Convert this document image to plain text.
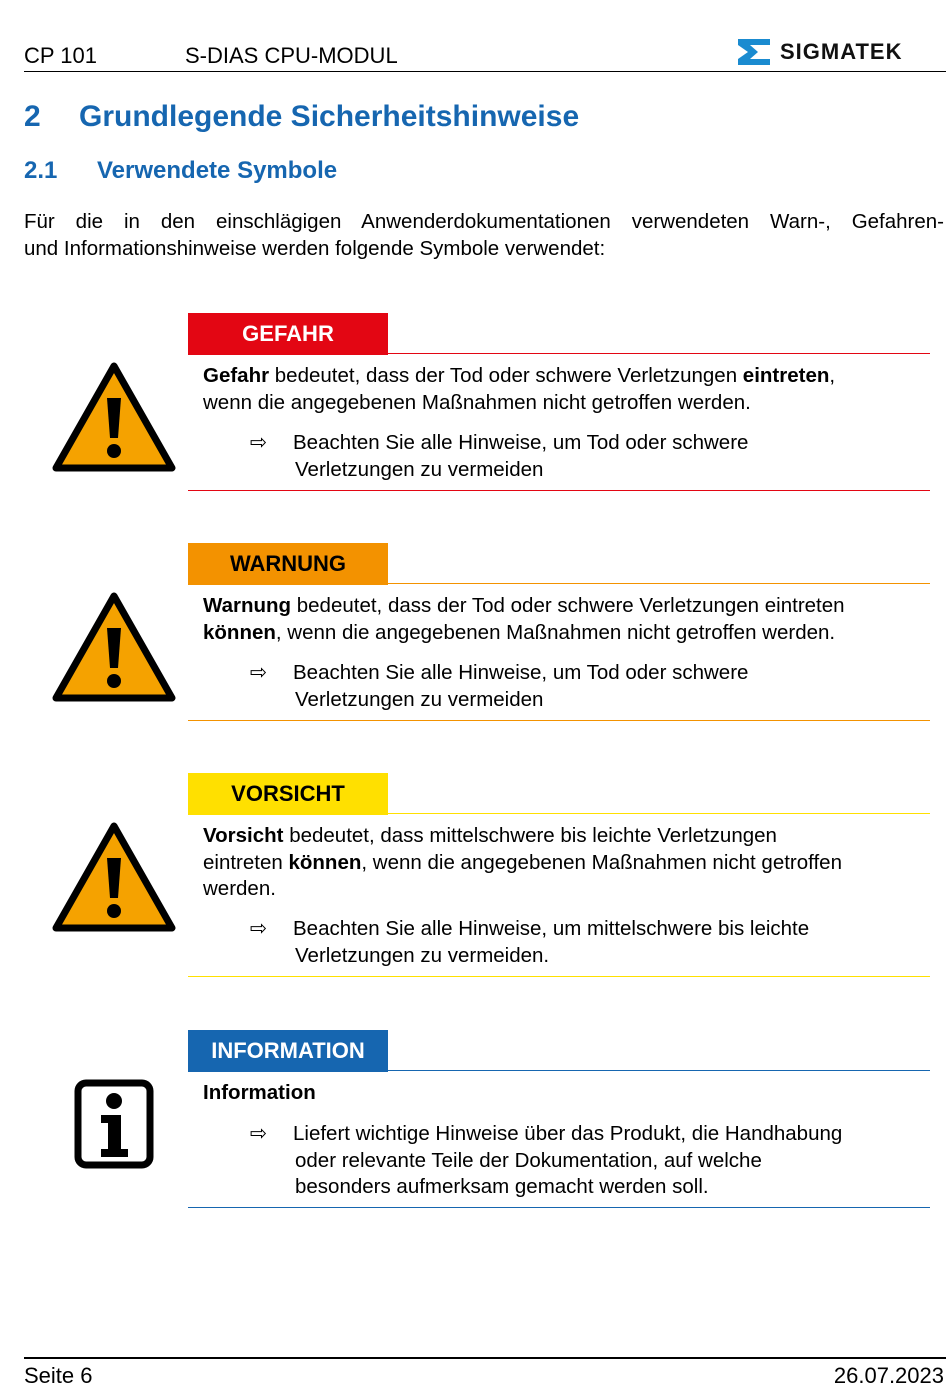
CP 101	S-DIAS CPU-MODUL	SIGMATEK
2 Grundlegende Sicherheitshinweise
2.1 Verwendete Symbole
Für die in den einschlägigen Anwenderdokumentationen verwendeten Warn-, Gefahren-
und Informationshinweise werden folgende Symbole verwendet:
GEFAHR
Gefahr bedeutet, dass der Tod oder schwere Verletzungen eintreten,
wenn die angegebenen Maßnahmen nicht getroffen werden.
⇨ Beachten Sie alle Hinweise, um Tod oder schwere
Verletzungen zu vermeiden
WARNUNG
Warnung bedeutet, dass der Tod oder schwere Verletzungen eintreten
können, wenn die angegebenen Maßnahmen nicht getroffen werden.
⇨ Beachten Sie alle Hinweise, um Tod oder schwere
Verletzungen zu vermeiden
VORSICHT
Vorsicht bedeutet, dass mittelschwere bis leichte Verletzungen
eintreten können, wenn die angegebenen Maßnahmen nicht getroffen
werden.
⇨ Beachten Sie alle Hinweise, um mittelschwere bis leichte
Verletzungen zu vermeiden.
INFORMATION
Information
⇨ Liefert wichtige Hinweise über das Produkt, die Handhabung
oder relevante Teile der Dokumentation, auf welche
besonders aufmerksam gemacht werden soll.
Seite 6	26.07.2023
